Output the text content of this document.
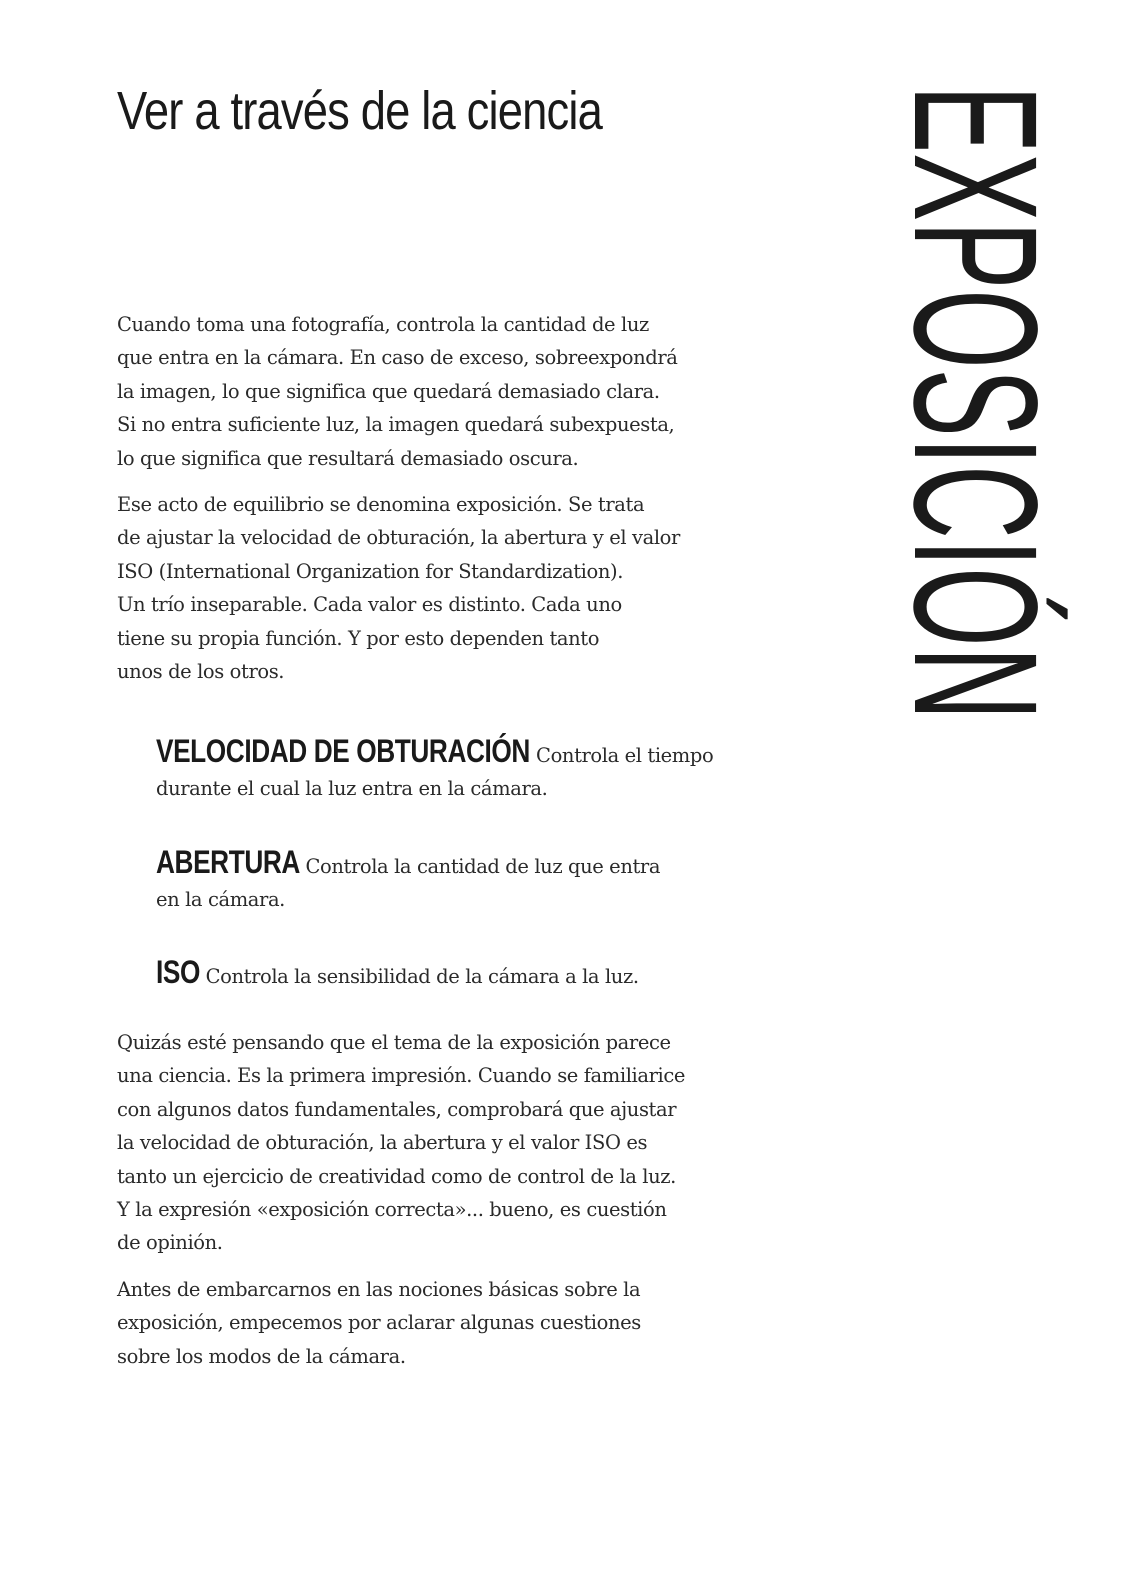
Ver a través de la ciencia EXPOSICIÓN

Cuando toma una fotografía, controla la cantidad de luz
que entra en la cámara. En caso de exceso, sobreexpondrá
la imagen, lo que significa que quedará demasiado clara.
Si no entra suficiente luz, la imagen quedará subexpuesta,
lo que significa que resultará demasiado oscura.

Ese acto de equilibrio se denomina exposición. Se trata
de ajustar la velocidad de obturación, la abertura y el valor
ISO (International Organization for Standardization).
Un trío inseparable. Cada valor es distinto. Cada uno
tiene su propia función. Y por esto dependen tanto
unos de los otros.

VELOCIDAD DE OBTURACIÓN Controla el tiempo
durante el cual la luz entra en la cámara.
ABERTURA Controla la cantidad de luz que entra
en la cámara.
ISO Controla la sensibilidad de la cámara a la luz.

Quizás esté pensando que el tema de la exposición parece
una ciencia. Es la primera impresión. Cuando se familiarice
con algunos datos fundamentales, comprobará que ajustar
la velocidad de obturación, la abertura y el valor ISO es
tanto un ejercicio de creatividad como de control de la luz.
Y la expresión «exposición correcta»... bueno, es cuestión
de opinión.

Antes de embarcarnos en las nociones básicas sobre la
exposición, empecemos por aclarar algunas cuestiones
sobre los modos de la cámara.
